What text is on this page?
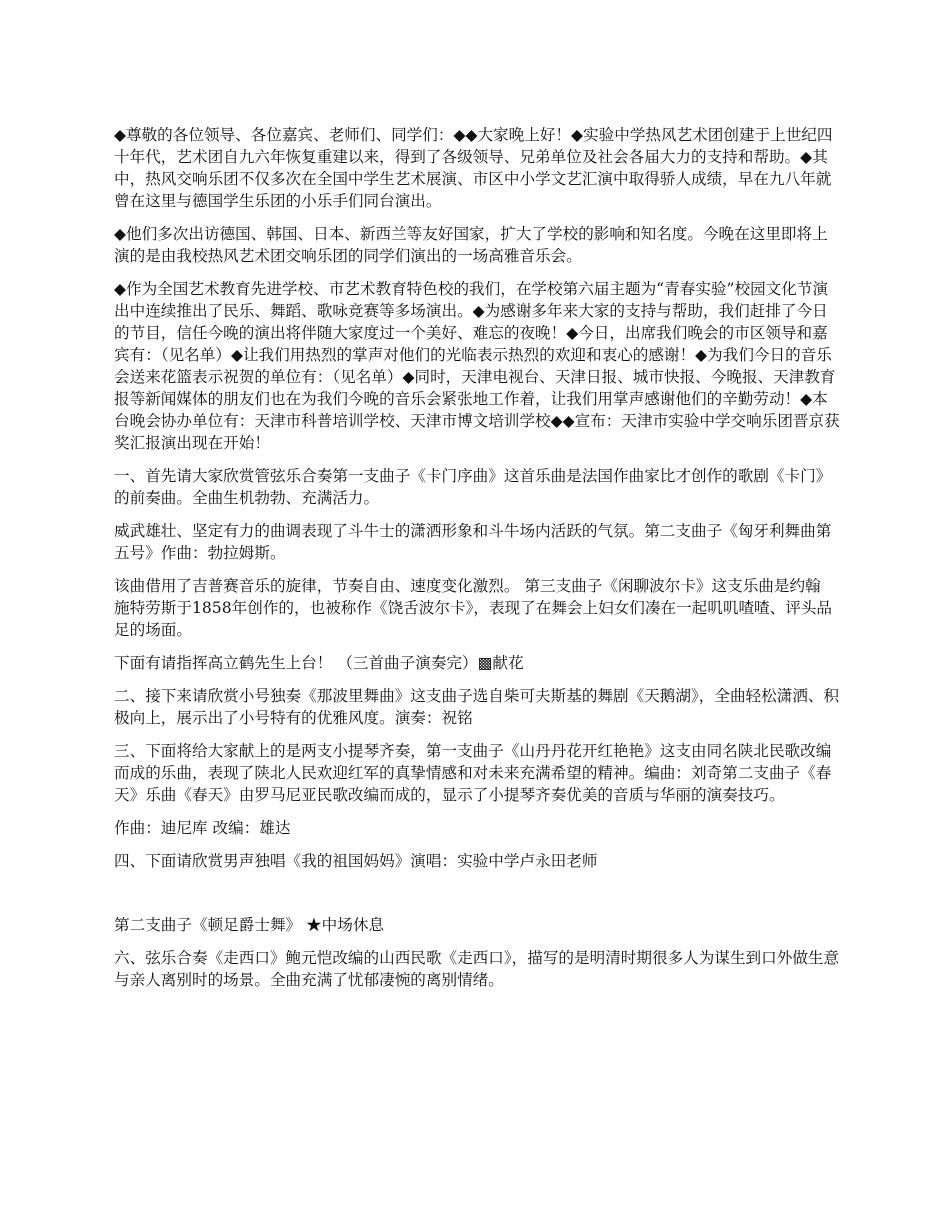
◆尊敬的各位领导、各位嘉宾、老师们、同学们：◆◆大家晚上好！◆实验中学热风艺术团创建于上世纪四十年代，艺术团自九六年恢复重建以来，得到了各级领导、兄弟单位及社会各届大力的支持和帮助。◆其中，热风交响乐团不仅多次在全国中学生艺术展演、市区中小学文艺汇演中取得骄人成绩，早在九八年就曾在这里与德国学生乐团的小乐手们同台演出。

◆他们多次出访德国、韩国、日本、新西兰等友好国家，扩大了学校的影响和知名度。今晚在这里即将上演的是由我校热风艺术团交响乐团的同学们演出的一场高雅音乐会。

◆作为全国艺术教育先进学校、市艺术教育特色校的我们，在学校第六届主题为“青春实验”校园文化节演出中连续推出了民乐、舞蹈、歌咏竞赛等多场演出。◆为感谢多年来大家的支持与帮助，我们赶排了今日的节目，信任今晚的演出将伴随大家度过一个美好、难忘的夜晚！◆今日，出席我们晚会的市区领导和嘉宾有：（见名单）◆让我们用热烈的掌声对他们的光临表示热烈的欢迎和衷心的感谢！◆为我们今日的音乐会送来花篮表示祝贺的单位有：（见名单）◆同时，天津电视台、天津日报、城市快报、今晚报、天津教育报等新闻媒体的朋友们也在为我们今晚的音乐会紧张地工作着，让我们用掌声感谢他们的辛勤劳动！◆本台晚会协办单位有：天津市科普培训学校、天津市博文培训学校◆◆宣布：天津市实验中学交响乐团晋京获奖汇报演出现在开始！

一、首先请大家欣赏管弦乐合奏第一支曲子《卡门序曲》这首乐曲是法国作曲家比才创作的歌剧《卡门》的前奏曲。全曲生机勃勃、充满活力。

威武雄壮、坚定有力的曲调表现了斗牛士的潇洒形象和斗牛场内活跃的气氛。第二支曲子《匈牙利舞曲第五号》作曲：勃拉姆斯。

该曲借用了吉普赛音乐的旋律，节奏自由、速度变化激烈。 第三支曲子《闲聊波尔卡》这支乐曲是约翰 施特劳斯于1858年创作的，也被称作《饶舌波尔卡》，表现了在舞会上妇女们凑在一起叽叽喳喳、评头品足的场面。

下面有请指挥高立鹤先生上台！ （三首曲子演奏完）▩献花

二、接下来请欣赏小号独奏《那波里舞曲》这支曲子选自柴可夫斯基的舞剧《天鹅湖》，全曲轻松潇洒、积极向上，展示出了小号特有的优雅风度。演奏：祝铭

三、下面将给大家献上的是两支小提琴齐奏，第一支曲子《山丹丹花开红艳艳》这支由同名陕北民歌改编而成的乐曲，表现了陕北人民欢迎红军的真挚情感和对未来充满希望的精神。编曲：刘奇第二支曲子《春天》乐曲《春天》由罗马尼亚民歌改编而成的，显示了小提琴齐奏优美的音质与华丽的演奏技巧。

作曲：迪尼库 改编：雄达

四、下面请欣赏男声独唱《我的祖国妈妈》演唱：实验中学卢永田老师

第二支曲子《顿足爵士舞》 ★中场休息

六、弦乐合奏《走西口》鲍元恺改编的山西民歌《走西口》，描写的是明清时期很多人为谋生到口外做生意与亲人离别时的场景。全曲充满了忧郁凄惋的离别情绪。
